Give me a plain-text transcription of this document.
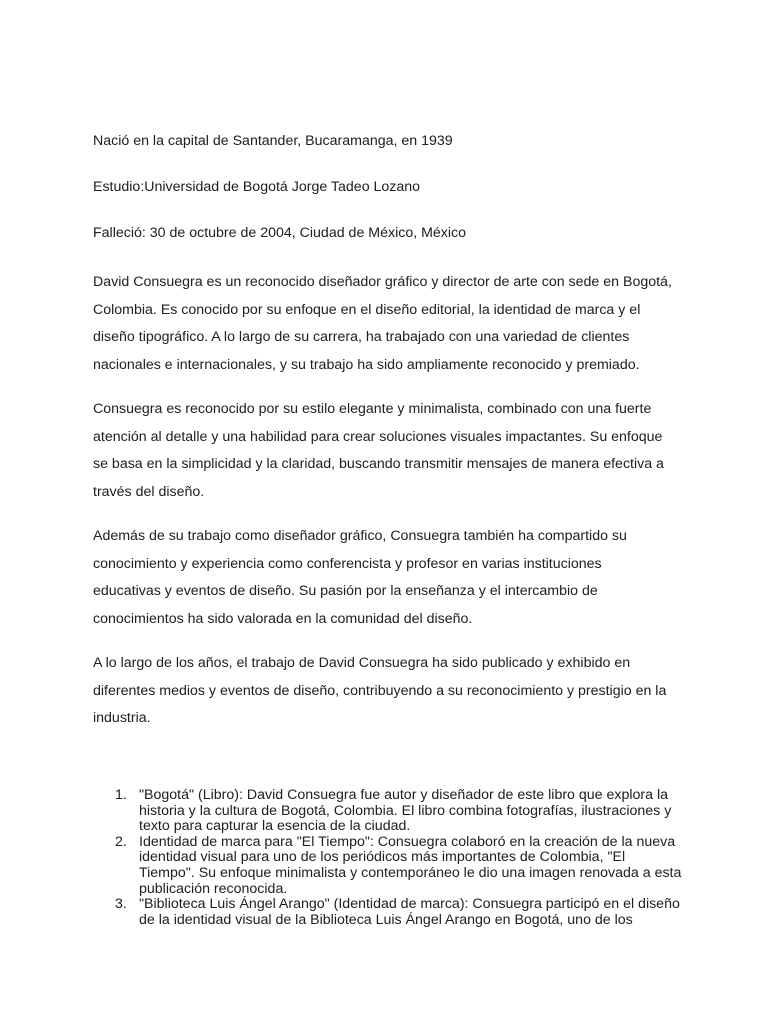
Nació en la capital de Santander, Bucaramanga, en 1939

Estudio:Universidad de Bogotá Jorge Tadeo Lozano

Falleció: 30 de octubre de 2004, Ciudad de México, México

David Consuegra es un reconocido diseñador gráfico y director de arte con sede en Bogotá, Colombia. Es conocido por su enfoque en el diseño editorial, la identidad de marca y el diseño tipográfico. A lo largo de su carrera, ha trabajado con una variedad de clientes nacionales e internacionales, y su trabajo ha sido ampliamente reconocido y premiado.

Consuegra es reconocido por su estilo elegante y minimalista, combinado con una fuerte atención al detalle y una habilidad para crear soluciones visuales impactantes. Su enfoque se basa en la simplicidad y la claridad, buscando transmitir mensajes de manera efectiva a través del diseño.

Además de su trabajo como diseñador gráfico, Consuegra también ha compartido su conocimiento y experiencia como conferencista y profesor en varias instituciones educativas y eventos de diseño. Su pasión por la enseñanza y el intercambio de conocimientos ha sido valorada en la comunidad del diseño.

A lo largo de los años, el trabajo de David Consuegra ha sido publicado y exhibido en diferentes medios y eventos de diseño, contribuyendo a su reconocimiento y prestigio en la industria.

1. "Bogotá" (Libro): David Consuegra fue autor y diseñador de este libro que explora la historia y la cultura de Bogotá, Colombia. El libro combina fotografías, ilustraciones y texto para capturar la esencia de la ciudad.
2. Identidad de marca para "El Tiempo": Consuegra colaboró en la creación de la nueva identidad visual para uno de los periódicos más importantes de Colombia, "El Tiempo". Su enfoque minimalista y contemporáneo le dio una imagen renovada a esta publicación reconocida.
3. "Biblioteca Luis Ángel Arango" (Identidad de marca): Consuegra participó en el diseño de la identidad visual de la Biblioteca Luis Ángel Arango en Bogotá, uno de los
